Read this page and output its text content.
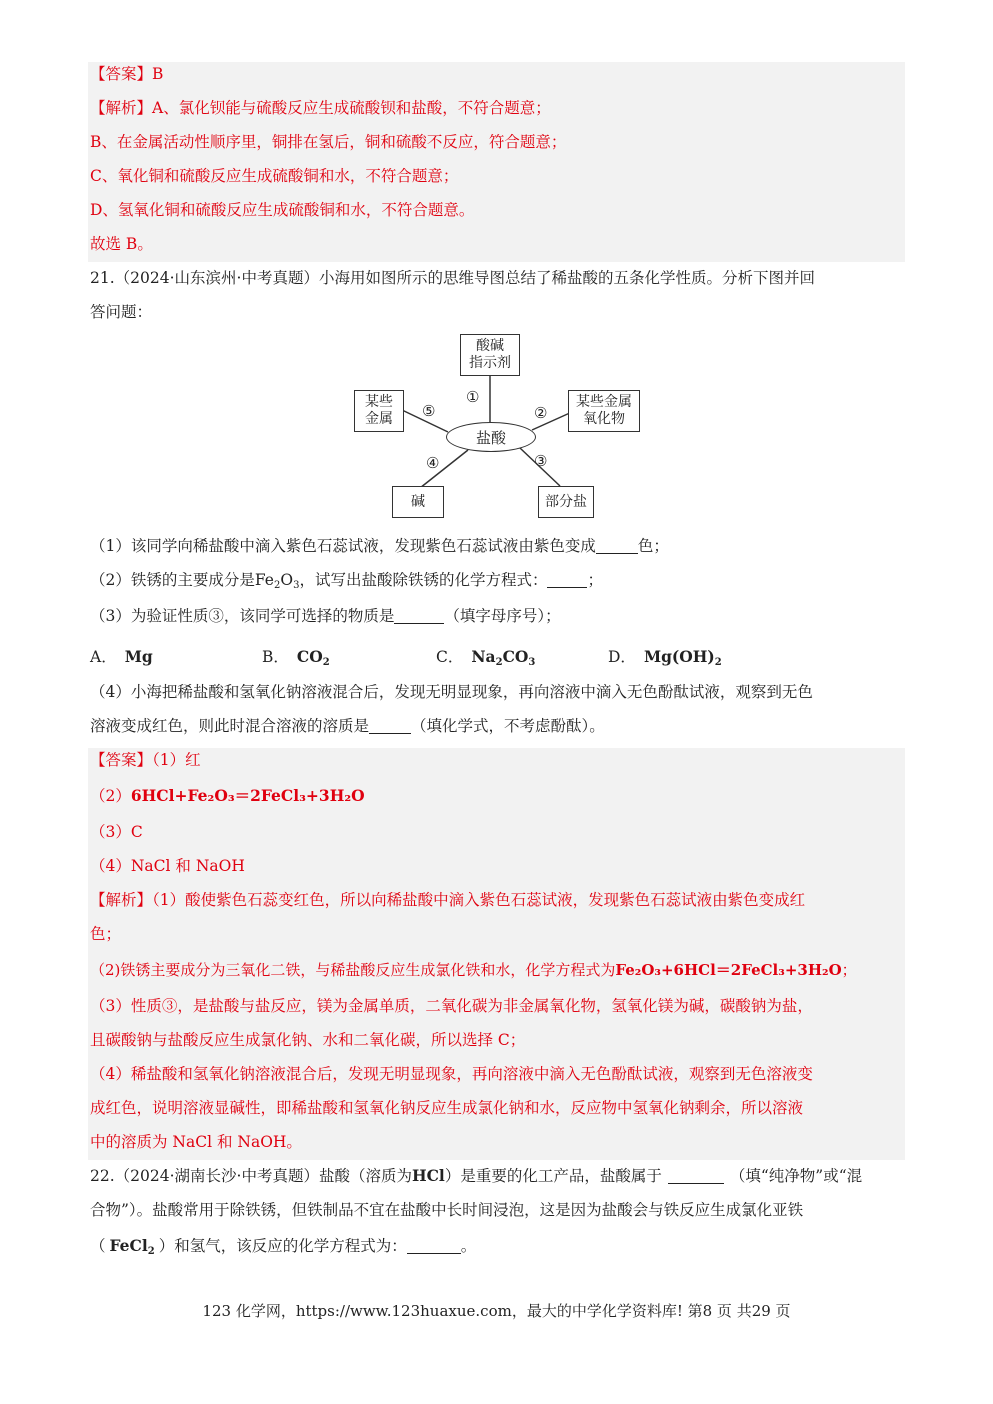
【答案】B
【解析】A、氯化钡能与硫酸反应生成硫酸钡和盐酸，不符合题意；
B、在金属活动性顺序里，铜排在氢后，铜和硫酸不反应，符合题意；
C、氧化铜和硫酸反应生成硫酸铜和水，不符合题意；
D、氢氧化铜和硫酸反应生成硫酸铜和水，不符合题意。
故选 B。
21.（2024·山东滨州·中考真题）小海用如图所示的思维导图总结了稀盐酸的五条化学性质。分析下图并回
答问题：
酸碱
指示剂
某些金属
氧化物
部分盐
碱
某些
金属
盐酸
①
②
③
④
⑤
（1）该同学向稀盐酸中滴入紫色石蕊试液，发现紫色石蕊试液由紫色变成	色；
（2）铁锈的主要成分是$Fe_2O_3$，试写出盐酸除铁锈的化学方程式：	；
（3）为验证性质③，该同学可选择的物质是	（填字母序号）；
A． Mg	B． $CO_2$	C． $Na_2CO_3$	D． $Mg(OH)_2$
（4）小海把稀盐酸和氢氧化钠溶液混合后，发现无明显现象，再向溶液中滴入无色酚酞试液，观察到无色
溶液变成红色，则此时混合溶液的溶质是	（填化学式，不考虑酚酞）。
【答案】（1）红
（2）6HCl+Fe₂O₃＝2FeCl₃+3H₂O
（3）C
（4）NaCl 和 NaOH
【解析】（1）酸使紫色石蕊变红色，所以向稀盐酸中滴入紫色石蕊试液，发现紫色石蕊试液由紫色变成红
色；
（2)铁锈主要成分为三氧化二铁，与稀盐酸反应生成氯化铁和水，化学方程式为Fe₂O₃+6HCl＝2FeCl₃+3H₂O；
（3）性质③，是盐酸与盐反应，镁为金属单质，二氧化碳为非金属氧化物，氢氧化镁为碱，碳酸钠为盐，
且碳酸钠与盐酸反应生成氯化钠、水和二氧化碳，所以选择 C；
（4）稀盐酸和氢氧化钠溶液混合后，发现无明显现象，再向溶液中滴入无色酚酞试液，观察到无色溶液变
成红色，说明溶液显碱性，即稀盐酸和氢氧化钠反应生成氯化钠和水，反应物中氢氧化钠剩余，所以溶液
中的溶质为 NaCl 和 NaOH。
22.（2024·湖南长沙·中考真题）盐酸（溶质为HCl）是重要的化工产品，盐酸属于	（填“纯净物”或“混
合物”）。盐酸常用于除铁锈，但铁制品不宜在盐酸中长时间浸泡，这是因为盐酸会与铁反应生成氯化亚铁
（ FeCl$_2$ ）和氢气，该反应的化学方程式为：	。
123 化学网，https://www.123huaxue.com，最大的中学化学资料库! 第8 页 共29 页
